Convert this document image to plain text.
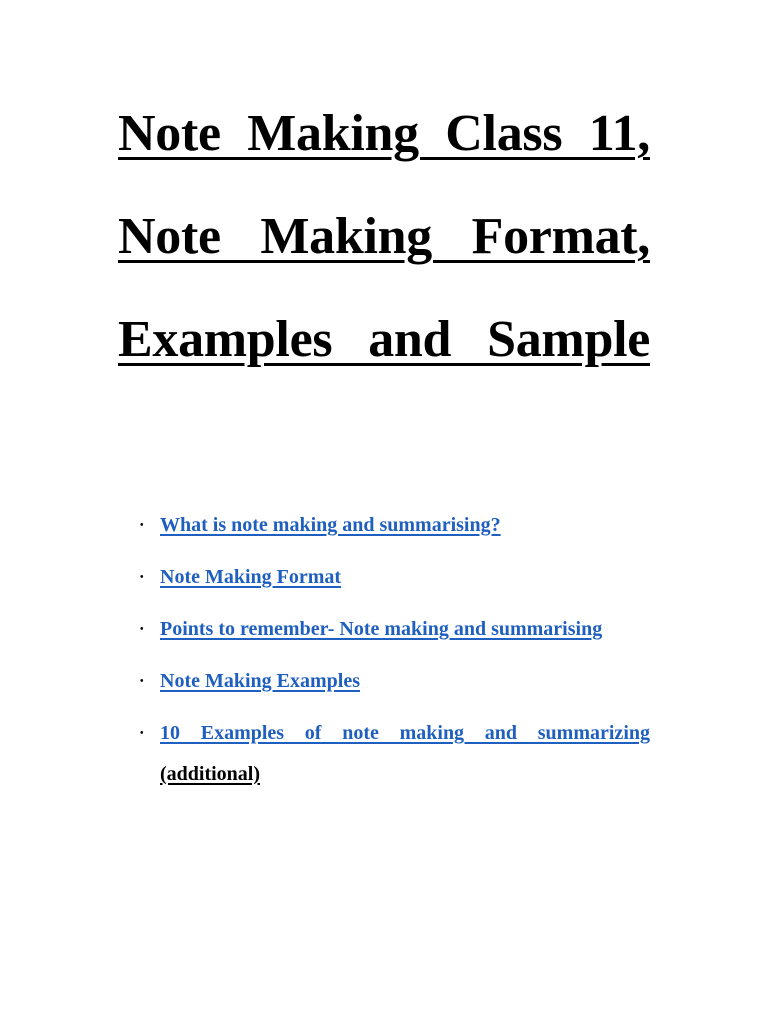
Note Making Class 11,
Note Making Format,
Examples and Sample
• What is note making and summarising?
• Note Making Format
• Points to remember- Note making and summarising
• Note Making Examples
• 10 Examples of note making and summarizing (additional)
